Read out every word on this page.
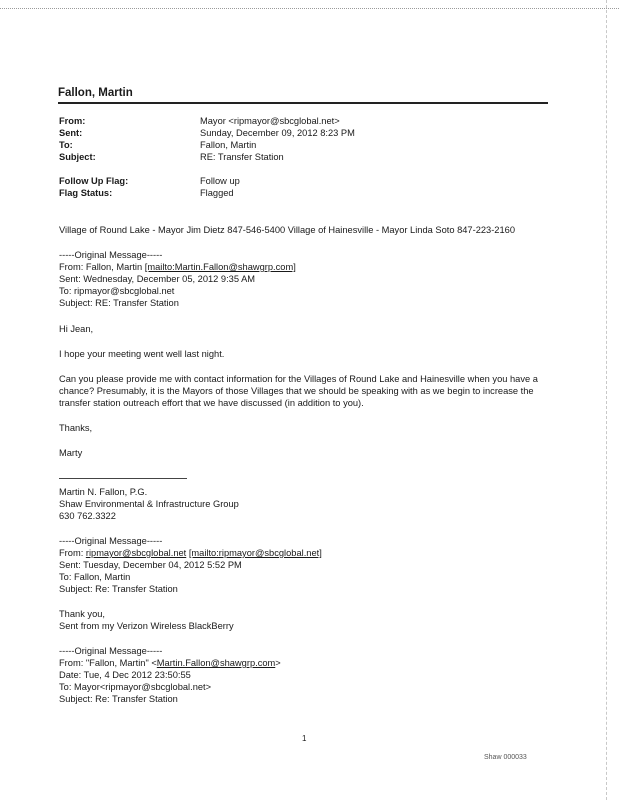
Fallon, Martin
From:	Mayor <ripmayor@sbcglobal.net>
Sent:	Sunday, December 09, 2012 8:23 PM
To:	Fallon, Martin
Subject:	RE: Transfer Station
Follow Up Flag:	Follow up
Flag Status:	Flagged
Village of Round Lake - Mayor Jim Dietz 847-546-5400 Village of Hainesville - Mayor Linda Soto 847-223-2160
-----Original Message-----
From: Fallon, Martin [mailto:Martin.Fallon@shawgrp.com]
Sent: Wednesday, December 05, 2012 9:35 AM
To: ripmayor@sbcglobal.net
Subject: RE: Transfer Station
Hi Jean,
I hope your meeting went well last night.
Can you please provide me with contact information for the Villages of Round Lake and Hainesville when you have a
chance? Presumably, it is the Mayors of those Villages that we should be speaking with as we begin to increase the
transfer station outreach effort that we have discussed (in addition to you).
Thanks,
Marty
Martin N. Fallon, P.G.
Shaw Environmental & Infrastructure Group
630 762.3322
-----Original Message-----
From: ripmayor@sbcglobal.net [mailto:ripmayor@sbcglobal.net]
Sent: Tuesday, December 04, 2012 5:52 PM
To: Fallon, Martin
Subject: Re: Transfer Station
Thank you,
Sent from my Verizon Wireless BlackBerry
-----Original Message-----
From: "Fallon, Martin" <Martin.Fallon@shawgrp.com>
Date: Tue, 4 Dec 2012 23:50:55
To: Mayor<ripmayor@sbcglobal.net>
Subject: Re: Transfer Station
1
Shaw 000033
